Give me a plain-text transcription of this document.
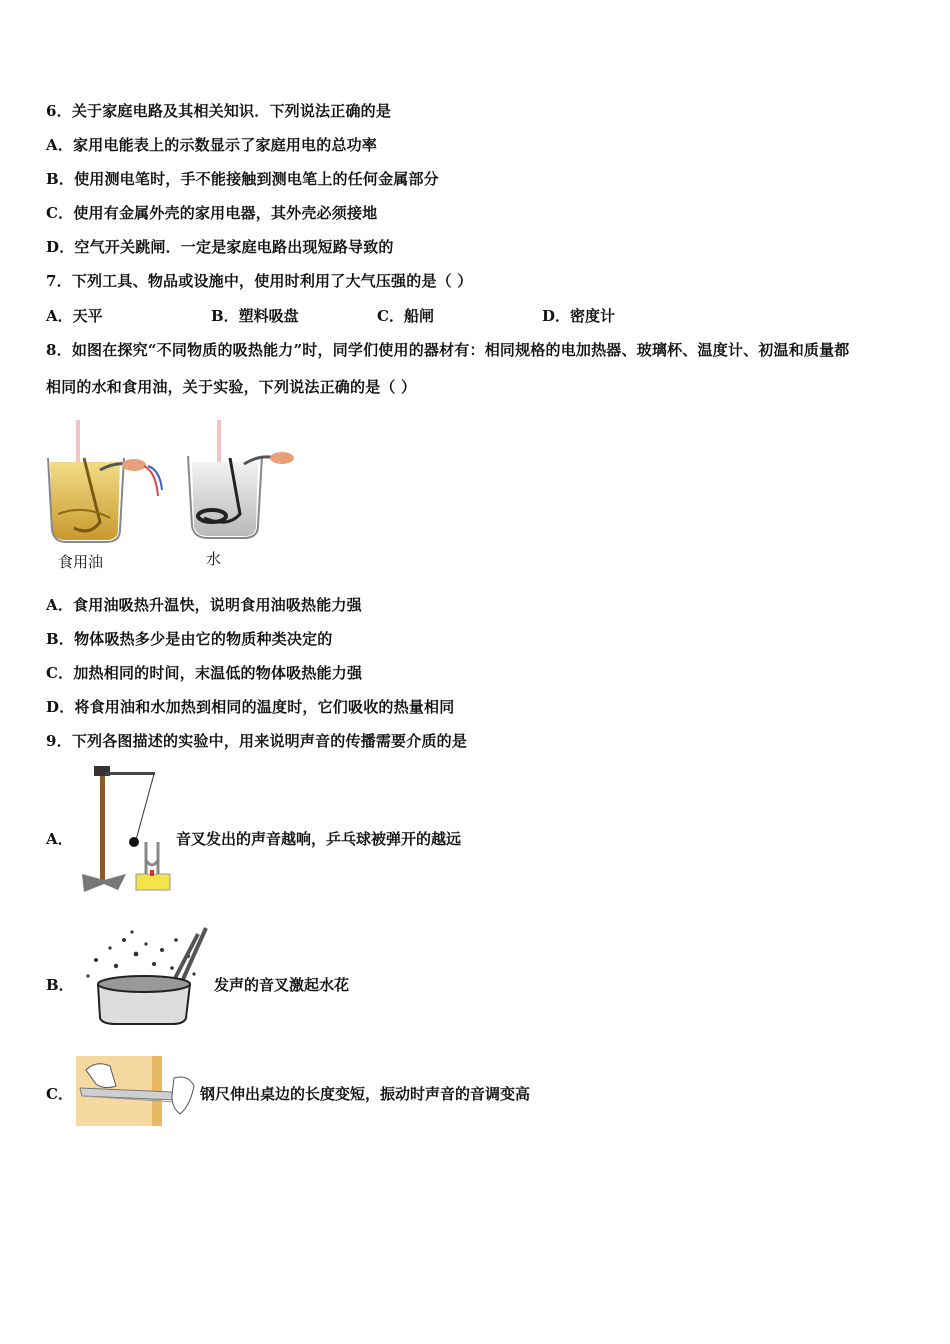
6．关于家庭电路及其相关知识．下列说法正确的是
A．家用电能表上的示数显示了家庭用电的总功率
B．使用测电笔时，手不能接触到测电笔上的任何金属部分
C．使用有金属外壳的家用电器，其外壳必须接地
D．空气开关跳闸．一定是家庭电路出现短路导致的
7．下列工具、物品或设施中，使用时利用了大气压强的是（ ）
A．天平	B．塑料吸盘	C．船闸	D．密度计
8．如图在探究“不同物质的吸热能力”时，同学们使用的器材有：相同规格的电加热器、玻璃杯、温度计、初温和质量都
相同的水和食用油，关于实验，下列说法正确的是（ ）
食用油	水
A．食用油吸热升温快，说明食用油吸热能力强
B．物体吸热多少是由它的物质种类决定的
C．加热相同的时间，末温低的物体吸热能力强
D．将食用油和水加热到相同的温度时，它们吸收的热量相同
9．下列各图描述的实验中，用来说明声音的传播需要介质的是
A．	音叉发出的声音越响，乒乓球被弹开的越远
B．	发声的音叉激起水花
C．	钢尺伸出桌边的长度变短，振动时声音的音调变高
